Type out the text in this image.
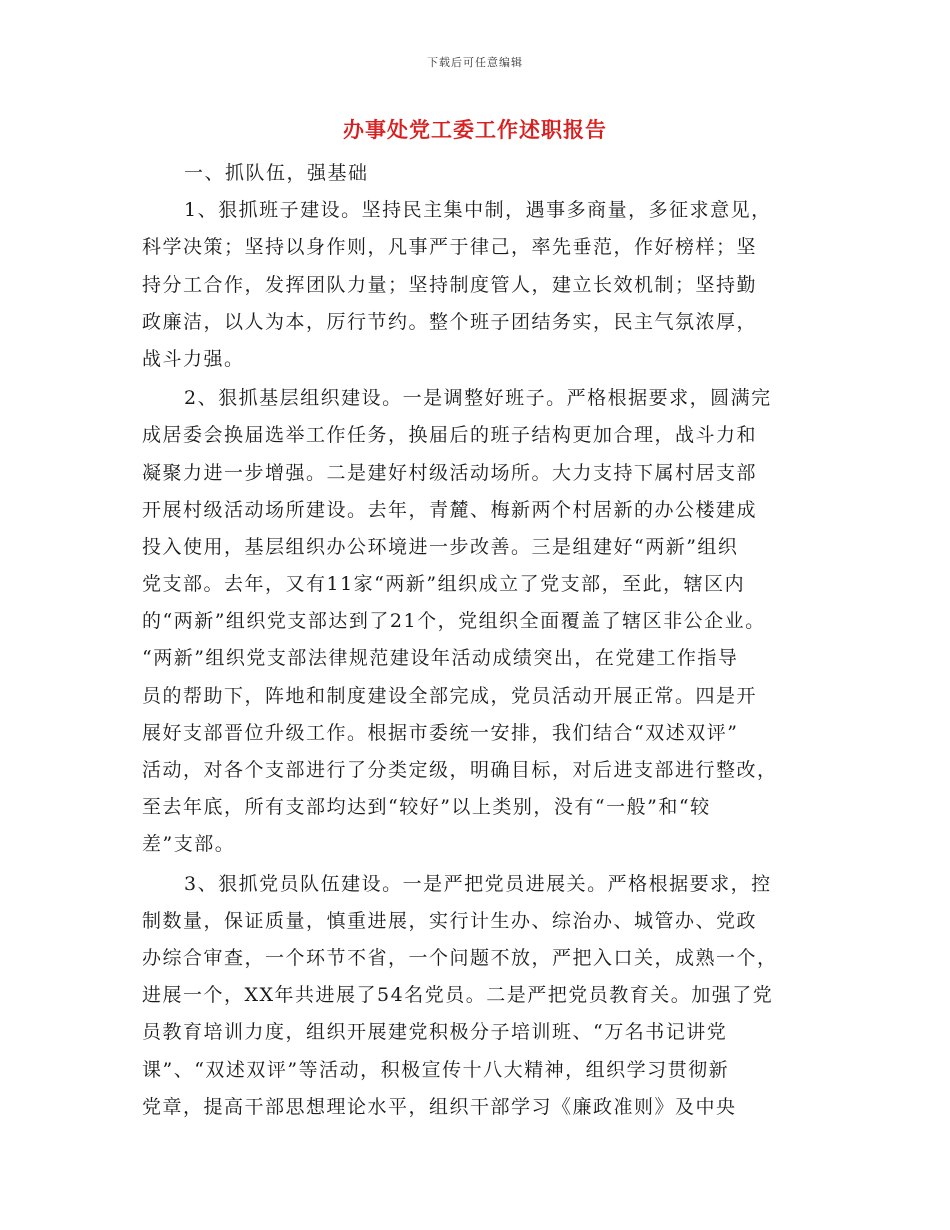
下载后可任意编辑
办事处党工委工作述职报告
一、抓队伍，强基础
1、狠抓班子建设。坚持民主集中制，遇事多商量，多征求意见，
科学决策；坚持以身作则，凡事严于律己，率先垂范，作好榜样；坚
持分工合作，发挥团队力量；坚持制度管人，建立长效机制；坚持勤
政廉洁，以人为本，厉行节约。整个班子团结务实，民主气氛浓厚，
战斗力强。
2、狠抓基层组织建设。一是调整好班子。严格根据要求，圆满完
成居委会换届选举工作任务，换届后的班子结构更加合理，战斗力和
凝聚力进一步增强。二是建好村级活动场所。大力支持下属村居支部
开展村级活动场所建设。去年，青麓、梅新两个村居新的办公楼建成
投入使用，基层组织办公环境进一步改善。三是组建好“两新”组织
党支部。去年，又有11家“两新”组织成立了党支部，至此，辖区内
的“两新”组织党支部达到了21个，党组织全面覆盖了辖区非公企业。
“两新”组织党支部法律规范建设年活动成绩突出，在党建工作指导
员的帮助下，阵地和制度建设全部完成，党员活动开展正常。四是开
展好支部晋位升级工作。根据市委统一安排，我们结合“双述双评”
活动，对各个支部进行了分类定级，明确目标，对后进支部进行整改，
至去年底，所有支部均达到“较好”以上类别，没有“一般”和“较
差”支部。
3、狠抓党员队伍建设。一是严把党员进展关。严格根据要求，控
制数量，保证质量，慎重进展，实行计生办、综治办、城管办、党政
办综合审查，一个环节不省，一个问题不放，严把入口关，成熟一个，
进展一个，XX年共进展了54名党员。二是严把党员教育关。加强了党
员教育培训力度，组织开展建党积极分子培训班、“万名书记讲党
课”、“双述双评”等活动，积极宣传十八大精神，组织学习贯彻新
党章，提高干部思想理论水平，组织干部学习《廉政准则》及中央
